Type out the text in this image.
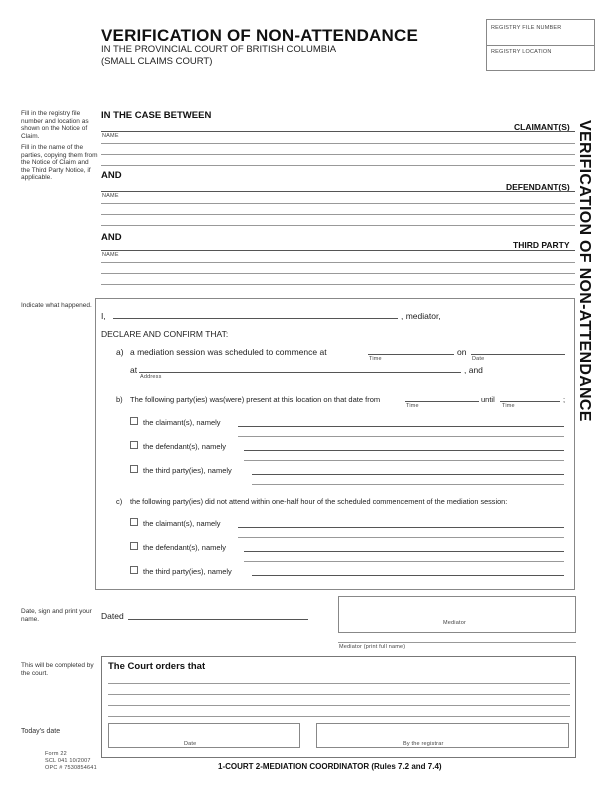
VERIFICATION OF NON-ATTENDANCE
IN THE PROVINCIAL COURT OF BRITISH COLUMBIA
(SMALL CLAIMS COURT)
REGISTRY FILE NUMBER
REGISTRY LOCATION
Fill in the registry file number and location as shown on the Notice of Claim.
Fill in the name of the parties, copying them from the Notice of Claim and the Third Party Notice, if applicable.
Indicate what happened.
Date, sign and print your name.
This will be completed by the court.
Today's date
IN THE CASE BETWEEN
CLAIMANT(S)
NAME
AND
DEFENDANT(S)
NAME
AND
THIRD PARTY
NAME	VERIFICATION OF NON-ATTENDANCE
I,	, mediator,
DECLARE AND CONFIRM THAT:
a) a mediation session was scheduled to commence at
Time
on
Date
at
Address
, and
b) The following party(ies) was(were) present at this location on that date from
Time
until
Time
;
the claimant(s), namely
the defendant(s), namely
the third party(ies), namely
c) the following party(ies) did not attend within one-half hour of the scheduled commencement of the mediation session:
the claimant(s), namely
the defendant(s), namely
the third party(ies), namely
Dated
Mediator
Mediator (print full name)
The Court orders that
Date	By the registrar
Form 22
SCL 041 10/2007
OPC # 7530854641	1-COURT 2-MEDIATION COORDINATOR (Rules 7.2 and 7.4)
